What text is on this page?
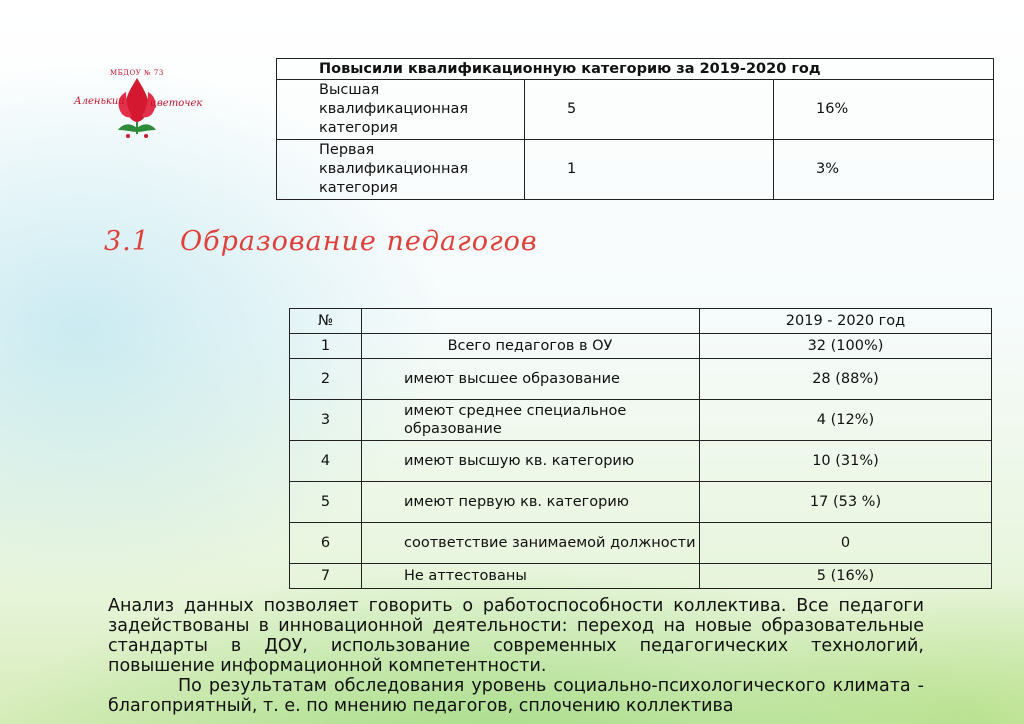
МБДОУ № 73
Аленький	цветочек
Повысили квалификационную категорию за 2019-2020 год		
Высшая квалификационная категория	5	16%
Первая квалификационная категория	1	3%
3.1 Образование педагогов
№		2019 - 2020 год
1	Всего педагогов в ОУ	32 (100%)
2	имеют высшее образование	28 (88%)
3	имеют среднее специальное образование	4 (12%)
4	имеют высшую кв. категорию	10 (31%)
5	имеют первую кв. категорию	17 (53 %)
6	соответствие занимаемой должности	0
7	Не аттестованы	5 (16%)

Анализ данных позволяет говорить о работоспособности коллектива. Все педагоги задействованы в инновационной деятельности: переход на новые образовательные стандарты в ДОУ, использование современных педагогических технологий, повышение информационной компетентности.

По результатам обследования уровень социально-психологического климата - благоприятный, т. е. по мнению педагогов, сплочению коллектива
